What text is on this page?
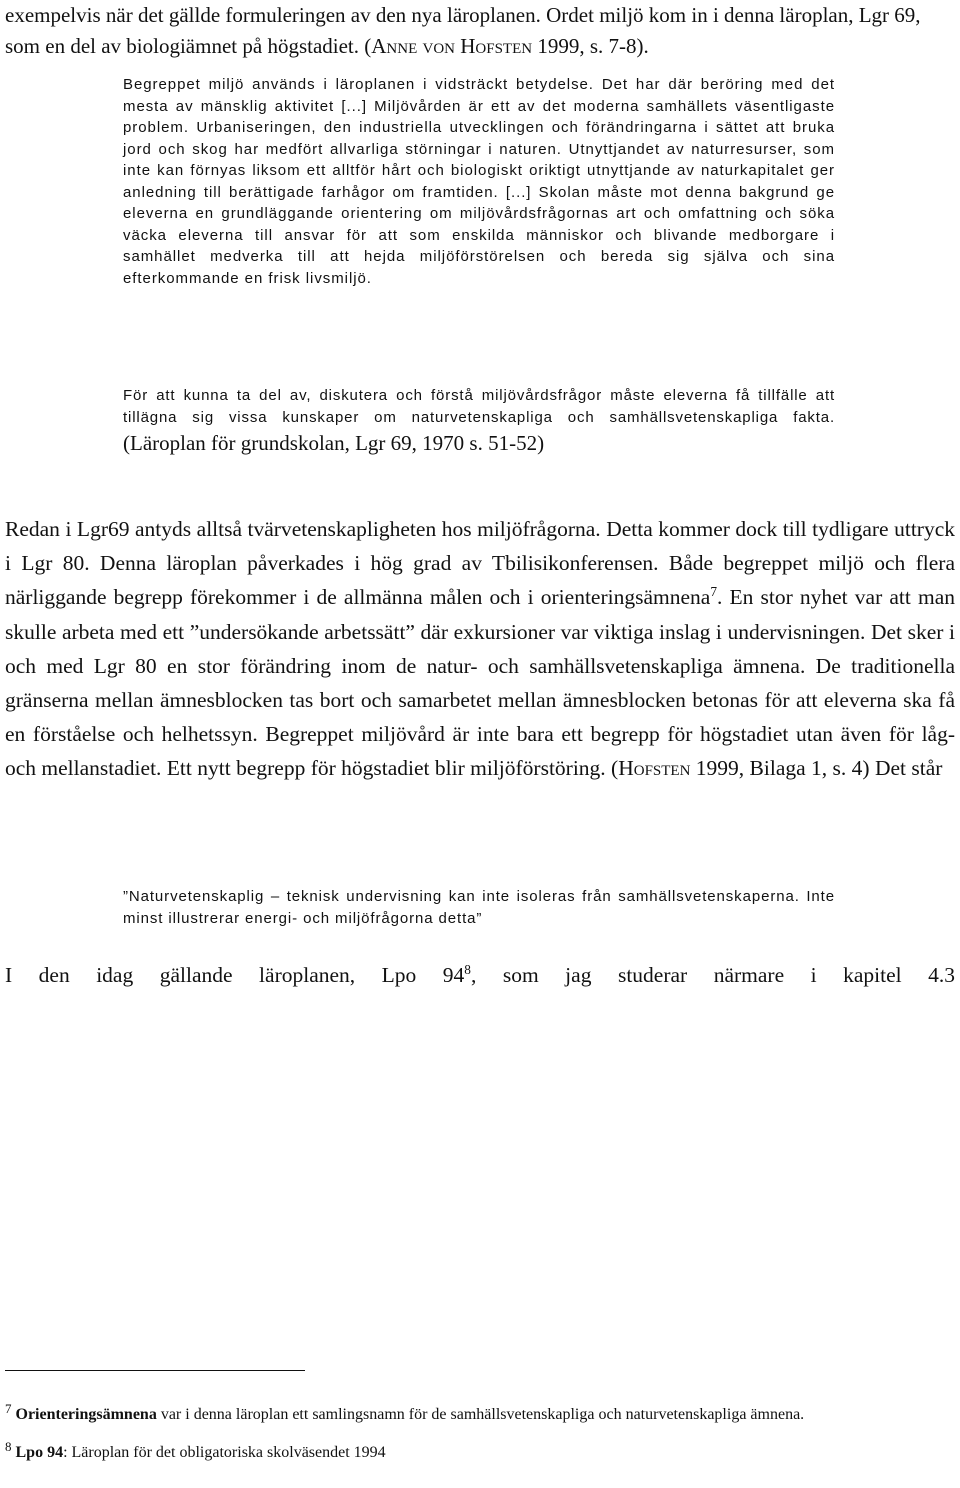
exempelvis när det gällde formuleringen av den nya läroplanen. Ordet miljö kom in i denna läroplan, Lgr 69, som en del av biologiämnet på högstadiet. (Anne von Hofsten 1999, s. 7-8).
Begreppet miljö används i läroplanen i vidsträckt betydelse. Det har där beröring med det mesta av mänsklig aktivitet [...] Miljövården är ett av det moderna samhällets väsentligaste problem. Urbaniseringen, den industriella utvecklingen och förändringarna i sättet att bruka jord och skog har medfört allvarliga störningar i naturen. Utnyttjandet av naturresurser, som inte kan förnyas liksom ett alltför hårt och biologiskt oriktigt utnyttjande av naturkapitalet ger anledning till berättigade farhågor om framtiden. [...] Skolan måste mot denna bakgrund ge eleverna en grundläggande orientering om miljövårdsfrågornas art och omfattning och söka väcka eleverna till ansvar för att som enskilda människor och blivande medborgare i samhället medverka till att hejda miljöförstörelsen och bereda sig själva och sina efterkommande en frisk livsmiljö.
För att kunna ta del av, diskutera och förstå miljövårdsfrågor måste eleverna få tillfälle att tillägna sig vissa kunskaper om naturvetenskapliga och samhällsvetenskapliga fakta. (Läroplan för grundskolan, Lgr 69, 1970 s. 51-52)
Redan i Lgr69 antyds alltså tvärvetenskapligheten hos miljöfrågorna. Detta kommer dock till tydligare uttryck i Lgr 80. Denna läroplan påverkades i hög grad av Tbilisikonferensen. Både begreppet miljö och flera närliggande begrepp förekommer i de allmänna målen och i orienteringsämnena$^7$. En stor nyhet var att man skulle arbeta med ett ”undersökande arbetssätt” där exkursioner var viktiga inslag i undervisningen. Det sker i och med Lgr 80 en stor förändring inom de natur- och samhällsvetenskapliga ämnena. De traditionella gränserna mellan ämnesblocken tas bort och samarbetet mellan ämnesblocken betonas för att eleverna ska få en förståelse och helhetssyn. Begreppet miljövård är inte bara ett begrepp för högstadiet utan även för låg- och mellanstadiet. Ett nytt begrepp för högstadiet blir miljöförstöring. (Hofsten 1999, Bilaga 1, s. 4) Det står
”Naturvetenskaplig – teknisk undervisning kan inte isoleras från samhällsvetenskaperna. Inte minst illustrerar energi- och miljöfrågorna detta”
I den idag gällande läroplanen, Lpo $94^8$, som jag studerar närmare i kapitel 4.3

$^7$ Orienteringsämnena var i denna läroplan ett samlingsnamn för de samhällsvetenskapliga och naturvetenskapliga ämnena.

$^8$ Lpo 94: Läroplan för det obligatoriska skolväsendet 1994
